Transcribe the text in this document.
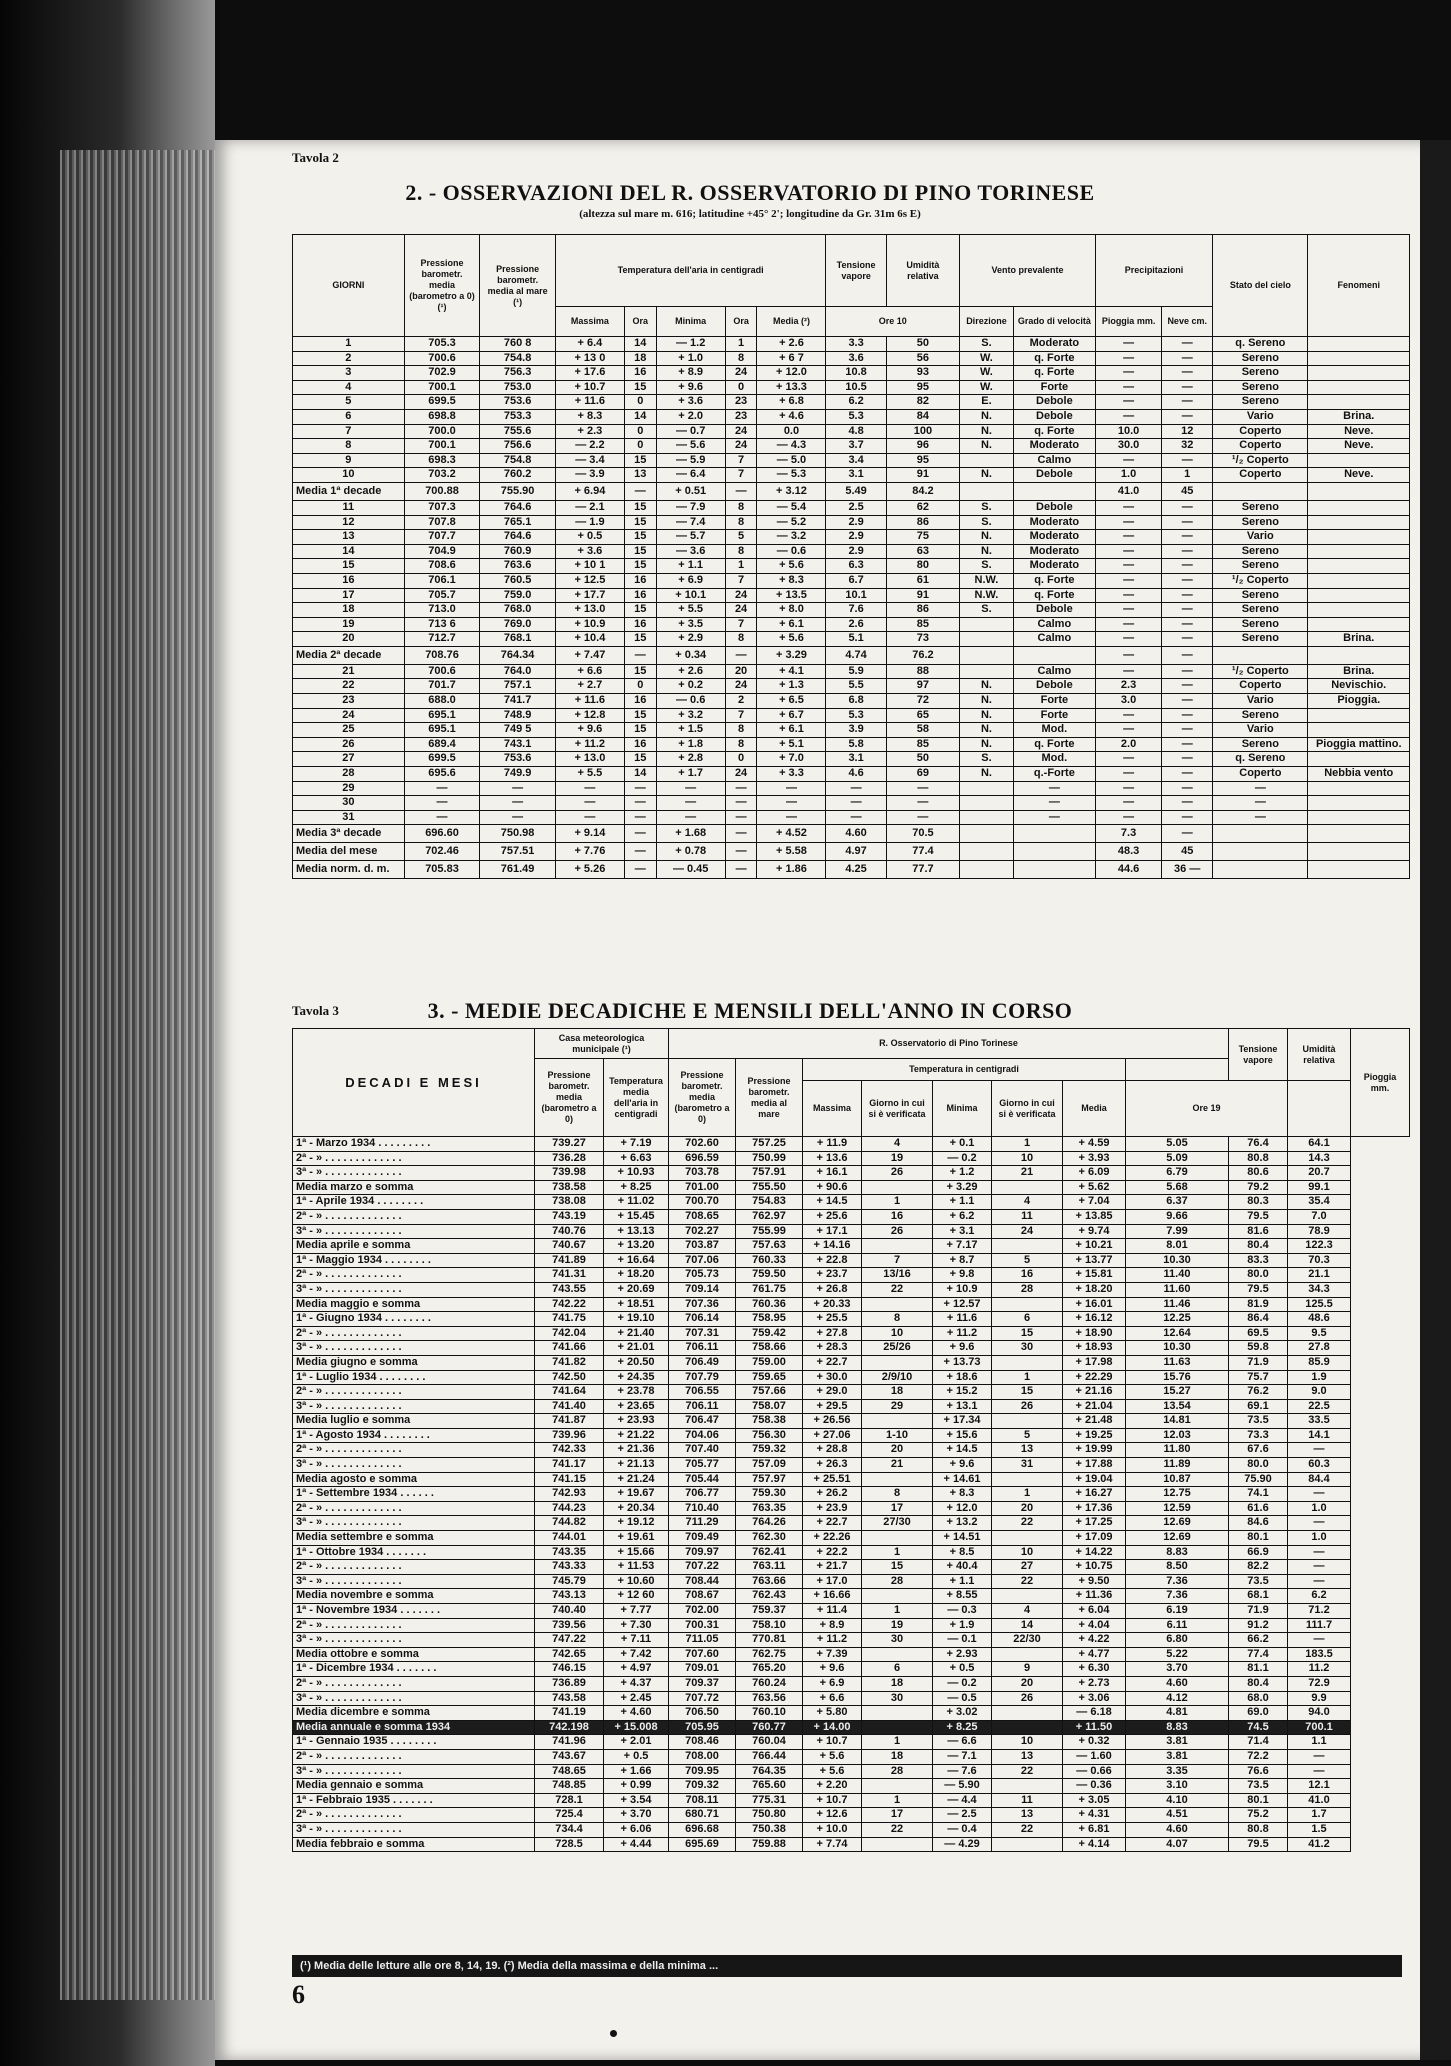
Tavola 2
2. - OSSERVAZIONI DEL R. OSSERVATORIO DI PINO TORINESE
(altezza sul mare m. 616; latitudine +45° 2'; longitudine da Gr. 31m 6s E)
GIORNI	Pressione barometr. media (barometro a 0) (¹)	Pressione barometr. media al mare (¹)	Temperatura dell'aria in centigradi					Tensione vapore	Umidità relativa	Vento prevalente		Precipitazioni		Stato del cielo	Fenomeni
			Massima	Ora	Minima	Ora	Media (²)	Ore 10		Direzione	Grado di velocità	Pioggia mm.	Neve cm.		
1	705.3	760 8	+ 6.4	14	— 1.2	1	+ 2.6	3.3	50	S.	Moderato	—	—	q. Sereno	
2	700.6	754.8	+ 13 0	18	+ 1.0	8	+ 6 7	3.6	56	W.	q. Forte	—	—	Sereno	
3	702.9	756.3	+ 17.6	16	+ 8.9	24	+ 12.0	10.8	93	W.	q. Forte	—	—	Sereno	
4	700.1	753.0	+ 10.7	15	+ 9.6	0	+ 13.3	10.5	95	W.	Forte	—	—	Sereno	
5	699.5	753.6	+ 11.6	0	+ 3.6	23	+ 6.8	6.2	82	E.	Debole	—	—	Sereno	
6	698.8	753.3	+ 8.3	14	+ 2.0	23	+ 4.6	5.3	84	N.	Debole	—	—	Vario	Brina.
7	700.0	755.6	+ 2.3	0	— 0.7	24	0.0	4.8	100	N.	q. Forte	10.0	12	Coperto	Neve.
8	700.1	756.6	— 2.2	0	— 5.6	24	— 4.3	3.7	96	N.	Moderato	30.0	32	Coperto	Neve.
9	698.3	754.8	— 3.4	15	— 5.9	7	— 5.0	3.4	95		Calmo	—	—	¹/₂ Coperto	
10	703.2	760.2	— 3.9	13	— 6.4	7	— 5.3	3.1	91	N.	Debole	1.0	1	Coperto	Neve.
Media 1ª decade	700.88	755.90	+ 6.94	—	+ 0.51	—	+ 3.12	5.49	84.2			41.0	45		
11	707.3	764.6	— 2.1	15	— 7.9	8	— 5.4	2.5	62	S.	Debole	—	—	Sereno	
12	707.8	765.1	— 1.9	15	— 7.4	8	— 5.2	2.9	86	S.	Moderato	—	—	Sereno	
13	707.7	764.6	+ 0.5	15	— 5.7	5	— 3.2	2.9	75	N.	Moderato	—	—	Vario	
14	704.9	760.9	+ 3.6	15	— 3.6	8	— 0.6	2.9	63	N.	Moderato	—	—	Sereno	
15	708.6	763.6	+ 10 1	15	+ 1.1	1	+ 5.6	6.3	80	S.	Moderato	—	—	Sereno	
16	706.1	760.5	+ 12.5	16	+ 6.9	7	+ 8.3	6.7	61	N.W.	q. Forte	—	—	¹/₂ Coperto	
17	705.7	759.0	+ 17.7	16	+ 10.1	24	+ 13.5	10.1	91	N.W.	q. Forte	—	—	Sereno	
18	713.0	768.0	+ 13.0	15	+ 5.5	24	+ 8.0	7.6	86	S.	Debole	—	—	Sereno	
19	713 6	769.0	+ 10.9	16	+ 3.5	7	+ 6.1	2.6	85		Calmo	—	—	Sereno	
20	712.7	768.1	+ 10.4	15	+ 2.9	8	+ 5.6	5.1	73		Calmo	—	—	Sereno	Brina.
Media 2ª decade	708.76	764.34	+ 7.47	—	+ 0.34	—	+ 3.29	4.74	76.2			—	—		
21	700.6	764.0	+ 6.6	15	+ 2.6	20	+ 4.1	5.9	88		Calmo	—	—	¹/₂ Coperto	Brina.
22	701.7	757.1	+ 2.7	0	+ 0.2	24	+ 1.3	5.5	97	N.	Debole	2.3	—	Coperto	Nevischio.
23	688.0	741.7	+ 11.6	16	— 0.6	2	+ 6.5	6.8	72	N.	Forte	3.0	—	Vario	Pioggia.
24	695.1	748.9	+ 12.8	15	+ 3.2	7	+ 6.7	5.3	65	N.	Forte	—	—	Sereno	
25	695.1	749 5	+ 9.6	15	+ 1.5	8	+ 6.1	3.9	58	N.	Mod.	—	—	Vario	
26	689.4	743.1	+ 11.2	16	+ 1.8	8	+ 5.1	5.8	85	N.	q. Forte	2.0	—	Sereno	Pioggia mattino.
27	699.5	753.6	+ 13.0	15	+ 2.8	0	+ 7.0	3.1	50	S.	Mod.	—	—	q. Sereno	
28	695.6	749.9	+ 5.5	14	+ 1.7	24	+ 3.3	4.6	69	N.	q.-Forte	—	—	Coperto	Nebbia vento
29	—	—	—	—	—	—	—	—	—		—	—	—	—	
30	—	—	—	—	—	—	—	—	—		—	—	—	—	
31	—	—	—	—	—	—	—	—	—		—	—	—	—	
Media 3ª decade	696.60	750.98	+ 9.14	—	+ 1.68	—	+ 4.52	4.60	70.5			7.3	—		
Media del mese	702.46	757.51	+ 7.76	—	+ 0.78	—	+ 5.58	4.97	77.4			48.3	45		
Media norm. d. m.	705.83	761.49	+ 5.26	—	— 0.45	—	+ 1.86	4.25	77.7			44.6	36 —		
Tavola 3	3. - MEDIE DECADICHE E MENSILI DELL'ANNO IN CORSO
DECADI E MESI	Casa meteorologica municipale (¹)		R. Osservatorio di Pino Torinese								Tensione vapore	Umidità relativa	Pioggia mm.
	Pressione barometr. media (barometro a 0)	Temperatura media dell'aria in centigradi	Pressione barometr. media (barometro a 0)	Pressione barometr. media al mare	Temperatura in centigradi								
					Massima	Giorno in cui si è verificata	Minima	Giorno in cui si è verificata	Media	Ore 19			
1ª - Marzo 1934 . . . . . . . . .	739.27	+ 7.19	702.60	757.25	+ 11.9	4	+ 0.1	1	+ 4.59	5.05	76.4	64.1	
2ª - » . . . . . . . . . . . . .	736.28	+ 6.63	696.59	750.99	+ 13.6	19	— 0.2	10	+ 3.93	5.09	80.8	14.3	
3ª - » . . . . . . . . . . . . .	739.98	+ 10.93	703.78	757.91	+ 16.1	26	+ 1.2	21	+ 6.09	6.79	80.6	20.7	
Media marzo e somma	738.58	+ 8.25	701.00	755.50	+ 90.6		+ 3.29		+ 5.62	5.68	79.2	99.1	
1ª - Aprile 1934 . . . . . . . .	738.08	+ 11.02	700.70	754.83	+ 14.5	1	+ 1.1	4	+ 7.04	6.37	80.3	35.4	
2ª - » . . . . . . . . . . . . .	743.19	+ 15.45	708.65	762.97	+ 25.6	16	+ 6.2	11	+ 13.85	9.66	79.5	7.0	
3ª - » . . . . . . . . . . . . .	740.76	+ 13.13	702.27	755.99	+ 17.1	26	+ 3.1	24	+ 9.74	7.99	81.6	78.9	
Media aprile e somma	740.67	+ 13.20	703.87	757.63	+ 14.16		+ 7.17		+ 10.21	8.01	80.4	122.3	
1ª - Maggio 1934 . . . . . . . .	741.89	+ 16.64	707.06	760.33	+ 22.8	7	+ 8.7	5	+ 13.77	10.30	83.3	70.3	
2ª - » . . . . . . . . . . . . .	741.31	+ 18.20	705.73	759.50	+ 23.7	13/16	+ 9.8	16	+ 15.81	11.40	80.0	21.1	
3ª - » . . . . . . . . . . . . .	743.55	+ 20.69	709.14	761.75	+ 26.8	22	+ 10.9	28	+ 18.20	11.60	79.5	34.3	
Media maggio e somma	742.22	+ 18.51	707.36	760.36	+ 20.33		+ 12.57		+ 16.01	11.46	81.9	125.5	
1ª - Giugno 1934 . . . . . . . .	741.75	+ 19.10	706.14	758.95	+ 25.5	8	+ 11.6	6	+ 16.12	12.25	86.4	48.6	
2ª - » . . . . . . . . . . . . .	742.04	+ 21.40	707.31	759.42	+ 27.8	10	+ 11.2	15	+ 18.90	12.64	69.5	9.5	
3ª - » . . . . . . . . . . . . .	741.66	+ 21.01	706.11	758.66	+ 28.3	25/26	+ 9.6	30	+ 18.93	10.30	59.8	27.8	
Media giugno e somma	741.82	+ 20.50	706.49	759.00	+ 22.7		+ 13.73		+ 17.98	11.63	71.9	85.9	
1ª - Luglio 1934 . . . . . . . .	742.50	+ 24.35	707.79	759.65	+ 30.0	2/9/10	+ 18.6	1	+ 22.29	15.76	75.7	1.9	
2ª - » . . . . . . . . . . . . .	741.64	+ 23.78	706.55	757.66	+ 29.0	18	+ 15.2	15	+ 21.16	15.27	76.2	9.0	
3ª - » . . . . . . . . . . . . .	741.40	+ 23.65	706.11	758.07	+ 29.5	29	+ 13.1	26	+ 21.04	13.54	69.1	22.5	
Media luglio e somma	741.87	+ 23.93	706.47	758.38	+ 26.56		+ 17.34		+ 21.48	14.81	73.5	33.5	
1ª - Agosto 1934 . . . . . . . .	739.96	+ 21.22	704.06	756.30	+ 27.06	1-10	+ 15.6	5	+ 19.25	12.03	73.3	14.1	
2ª - » . . . . . . . . . . . . .	742.33	+ 21.36	707.40	759.32	+ 28.8	20	+ 14.5	13	+ 19.99	11.80	67.6	—	
3ª - » . . . . . . . . . . . . .	741.17	+ 21.13	705.77	757.09	+ 26.3	21	+ 9.6	31	+ 17.88	11.89	80.0	60.3	
Media agosto e somma	741.15	+ 21.24	705.44	757.97	+ 25.51		+ 14.61		+ 19.04	10.87	75.90	84.4	
1ª - Settembre 1934 . . . . . .	742.93	+ 19.67	706.77	759.30	+ 26.2	8	+ 8.3	1	+ 16.27	12.75	74.1	—	
2ª - » . . . . . . . . . . . . .	744.23	+ 20.34	710.40	763.35	+ 23.9	17	+ 12.0	20	+ 17.36	12.59	61.6	1.0	
3ª - » . . . . . . . . . . . . .	744.82	+ 19.12	711.29	764.26	+ 22.7	27/30	+ 13.2	22	+ 17.25	12.69	84.6	—	
Media settembre e somma	744.01	+ 19.61	709.49	762.30	+ 22.26		+ 14.51		+ 17.09	12.69	80.1	1.0	
1ª - Ottobre 1934 . . . . . . .	743.35	+ 15.66	709.97	762.41	+ 22.2	1	+ 8.5	10	+ 14.22	8.83	66.9	—	
2ª - » . . . . . . . . . . . . .	743.33	+ 11.53	707.22	763.11	+ 21.7	15	+ 40.4	27	+ 10.75	8.50	82.2	—	
3ª - » . . . . . . . . . . . . .	745.79	+ 10.60	708.44	763.66	+ 17.0	28	+ 1.1	22	+ 9.50	7.36	73.5	—	
Media novembre e somma	743.13	+ 12 60	708.67	762.43	+ 16.66		+ 8.55		+ 11.36	7.36	68.1	6.2	
1ª - Novembre 1934 . . . . . . .	740.40	+ 7.77	702.00	759.37	+ 11.4	1	— 0.3	4	+ 6.04	6.19	71.9	71.2	
2ª - » . . . . . . . . . . . . .	739.56	+ 7.30	700.31	758.10	+ 8.9	19	+ 1.9	14	+ 4.04	6.11	91.2	111.7	
3ª - » . . . . . . . . . . . . .	747.22	+ 7.11	711.05	770.81	+ 11.2	30	— 0.1	22/30	+ 4.22	6.80	66.2	—	
Media ottobre e somma	742.65	+ 7.42	707.60	762.75	+ 7.39		+ 2.93		+ 4.77	5.22	77.4	183.5	
1ª - Dicembre 1934 . . . . . . .	746.15	+ 4.97	709.01	765.20	+ 9.6	6	+ 0.5	9	+ 6.30	3.70	81.1	11.2	
2ª - » . . . . . . . . . . . . .	736.89	+ 4.37	709.37	760.24	+ 6.9	18	— 0.2	20	+ 2.73	4.60	80.4	72.9	
3ª - » . . . . . . . . . . . . .	743.58	+ 2.45	707.72	763.56	+ 6.6	30	— 0.5	26	+ 3.06	4.12	68.0	9.9	
Media dicembre e somma	741.19	+ 4.60	706.50	760.10	+ 5.80		+ 3.02		— 6.18	4.81	69.0	94.0	
Media annuale e somma 1934	742.198	+ 15.008	705.95	760.77	+ 14.00		+ 8.25		+ 11.50	8.83	74.5	700.1	
1ª - Gennaio 1935 . . . . . . . .	741.96	+ 2.01	708.46	760.04	+ 10.7	1	— 6.6	10	+ 0.32	3.81	71.4	1.1	
2ª - » . . . . . . . . . . . . .	743.67	+ 0.5	708.00	766.44	+ 5.6	18	— 7.1	13	— 1.60	3.81	72.2	—	
3ª - » . . . . . . . . . . . . .	748.65	+ 1.66	709.95	764.35	+ 5.6	28	— 7.6	22	— 0.66	3.35	76.6	—	
Media gennaio e somma	748.85	+ 0.99	709.32	765.60	+ 2.20		— 5.90		— 0.36	3.10	73.5	12.1	
1ª - Febbraio 1935 . . . . . . .	728.1	+ 3.54	708.11	775.31	+ 10.7	1	— 4.4	11	+ 3.05	4.10	80.1	41.0	
2ª - » . . . . . . . . . . . . .	725.4	+ 3.70	680.71	750.80	+ 12.6	17	— 2.5	13	+ 4.31	4.51	75.2	1.7	
3ª - » . . . . . . . . . . . . .	734.4	+ 6.06	696.68	750.38	+ 10.0	22	— 0.4	22	+ 6.81	4.60	80.8	1.5	
Media febbraio e somma	728.5	+ 4.44	695.69	759.88	+ 7.74		— 4.29		+ 4.14	4.07	79.5	41.2	
(¹) Media delle letture alle ore 8, 14, 19. (²) Media della massima e della minima ...
6
